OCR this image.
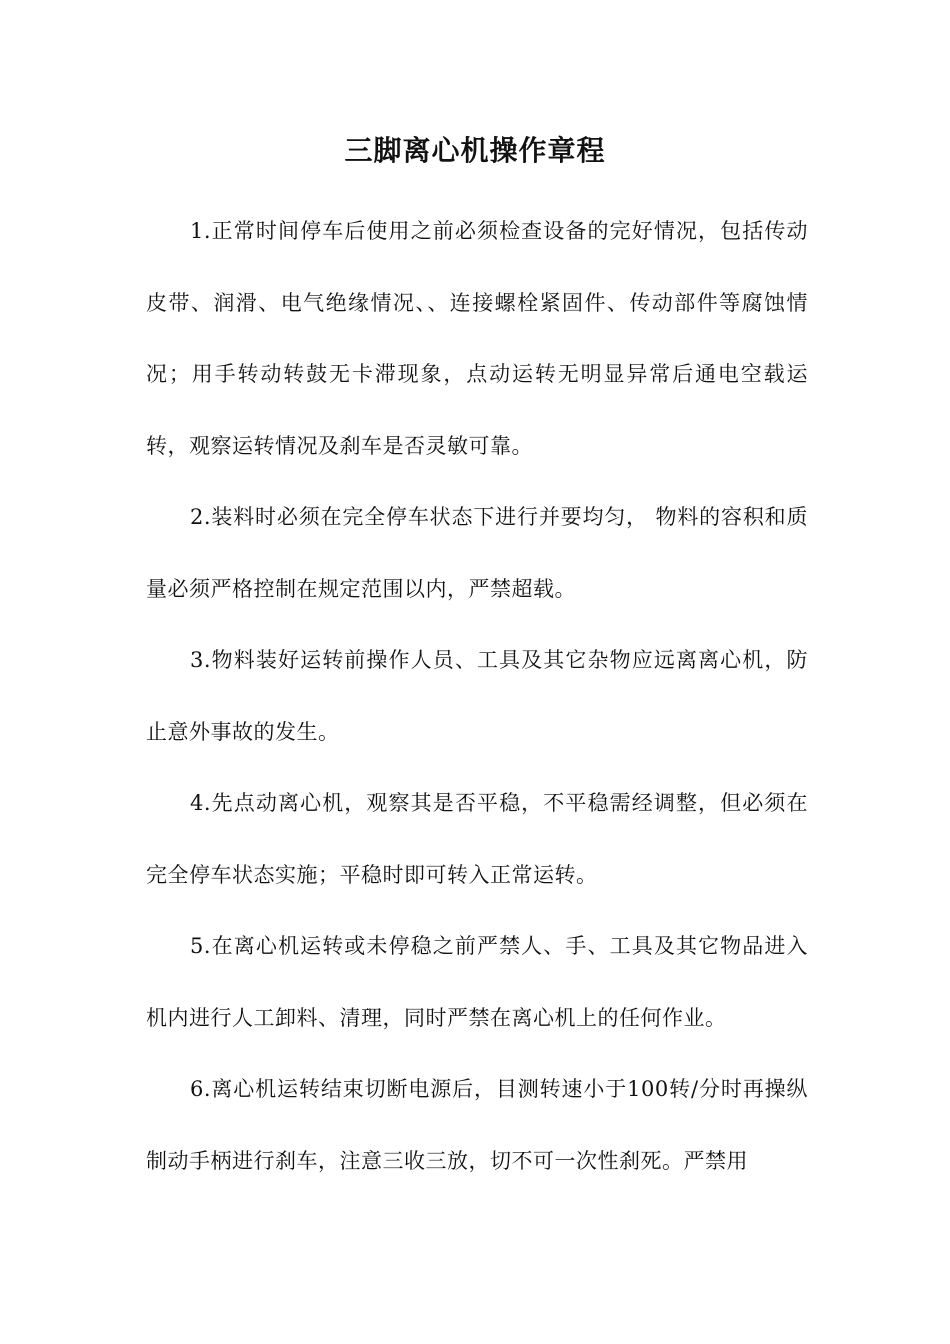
三脚离心机操作章程

1.正常时间停车后使用之前必须检查设备的完好情况，包括传动皮带、润滑、电气绝缘情况、、连接螺栓紧固件、传动部件等腐蚀情况；用手转动转鼓无卡滞现象，点动运转无明显异常后通电空载运转，观察运转情况及刹车是否灵敏可靠。

2.装料时必须在完全停车状态下进行并要均匀， 物料的容积和质量必须严格控制在规定范围以内，严禁超载。

3.物料装好运转前操作人员、工具及其它杂物应远离离心机，防止意外事故的发生。

4.先点动离心机，观察其是否平稳，不平稳需经调整，但必须在完全停车状态实施；平稳时即可转入正常运转。

5.在离心机运转或未停稳之前严禁人、手、工具及其它物品进入机内进行人工卸料、清理，同时严禁在离心机上的任何作业。

6.离心机运转结束切断电源后，目测转速小于100转/分时再操纵制动手柄进行刹车，注意三收三放，切不可一次性刹死。严禁用
